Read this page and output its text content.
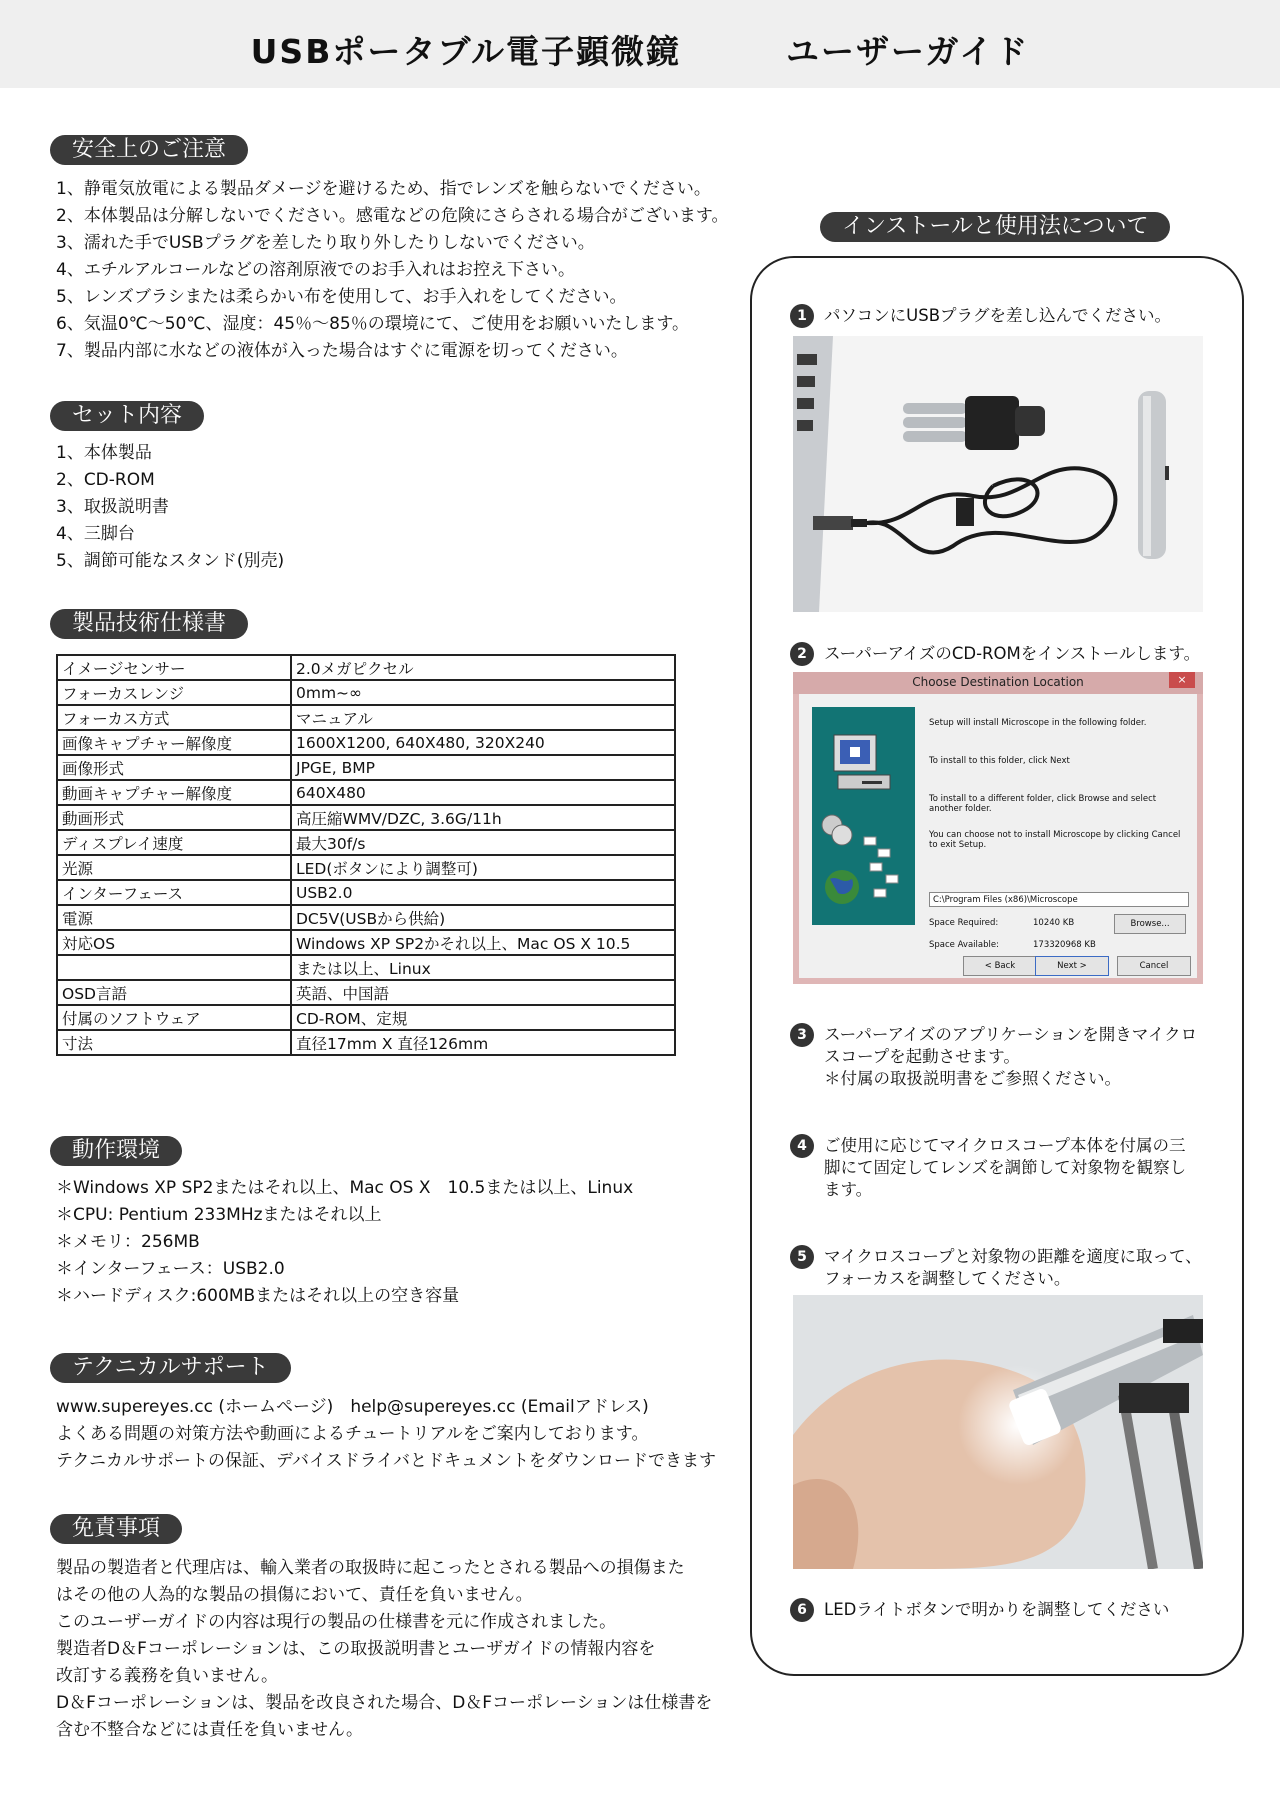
USBポータブル電子顕微鏡　　　ユーザーガイド
安全上のご注意
1、静電気放電による製品ダメージを避けるため、指でレンズを触らないでください。
2、本体製品は分解しないでください。感電などの危険にさらされる場合がございます。
3、濡れた手でUSBプラグを差したり取り外したりしないでください。
4、エチルアルコールなどの溶剤原液でのお手入れはお控え下さい。
5、レンズブラシまたは柔らかい布を使用して、お手入れをしてください。
6、気温0℃～50℃、湿度：45％～85％の環境にて、ご使用をお願いいたします。
7、製品内部に水などの液体が入った場合はすぐに電源を切ってください。
セット内容
1、本体製品
2、CD-ROM
3、取扱説明書
4、三脚台
5、調節可能なスタンド(別売)
製品技術仕様書
イメージセンサー	2.0メガピクセル
フォーカスレンジ	0mm~∞
フォーカス方式	マニュアル
画像キャプチャー解像度	1600X1200, 640X480, 320X240
画像形式	JPGE, BMP
動画キャプチャー解像度	640X480
動画形式	高圧縮WMV/DZC, 3.6G/11h
ディスプレイ速度	最大30f/s
光源	LED(ボタンにより調整可)
インターフェース	USB2.0
電源	DC5V(USBから供給)
対応OS	Windows XP SP2かそれ以上、Mac OS X 10.5
	または以上、Linux
OSD言語	英語、中国語
付属のソフトウェア	CD-ROM、定規
寸法	直径17mm X 直径126mm
動作環境
＊Windows XP SP2またはそれ以上、Mac OS X　10.5または以上、Linux
＊CPU: Pentium 233MHzまたはそれ以上
＊メモリ：256MB
＊インターフェース：USB2.0
＊ハードディスク:600MBまたはそれ以上の空き容量
テクニカルサポート
www.supereyes.cc (ホームページ)　help@supereyes.cc (Emailアドレス)
よくある問題の対策方法や動画によるチュートリアルをご案内しております。
テクニカルサポートの保証、デバイスドライバとドキュメントをダウンロードできます
免責事項
製品の製造者と代理店は、輸入業者の取扱時に起こったとされる製品への損傷また
はその他の人為的な製品の損傷において、責任を負いません。
このユーザーガイドの内容は現行の製品の仕様書を元に作成されました。
製造者D＆Fコーポレーションは、この取扱説明書とユーザガイドの情報内容を
改訂する義務を負いません。
D＆Fコーポレーションは、製品を改良された場合、D＆Fコーポレーションは仕様書を
含む不整合などには責任を負いません。
インストールと使用法について
1	パソコンにUSBプラグを差し込んでください。
2	スーパーアイズのCD-ROMをインストールします。
Choose Destination Location	×
Setup will install Microscope in the following folder.
To install to this folder, click Next
To install to a different folder, click Browse and select another folder.
You can choose not to install Microscope by clicking Cancel to exit Setup.
C:\Program Files (x86)\Microscope
Space Required:	10240 KB
Space Available:	173320968 KB
Browse...
< Back	Next >	Cancel
3	スーパーアイズのアプリケーションを開きマイクロ
スコープを起動させます。
＊付属の取扱説明書をご参照ください。
4	ご使用に応じてマイクロスコープ本体を付属の三
脚にて固定してレンズを調節して対象物を観察し
ます。
5	マイクロスコープと対象物の距離を適度に取って、
フォーカスを調整してください。
6	LEDライトボタンで明かりを調整してください
